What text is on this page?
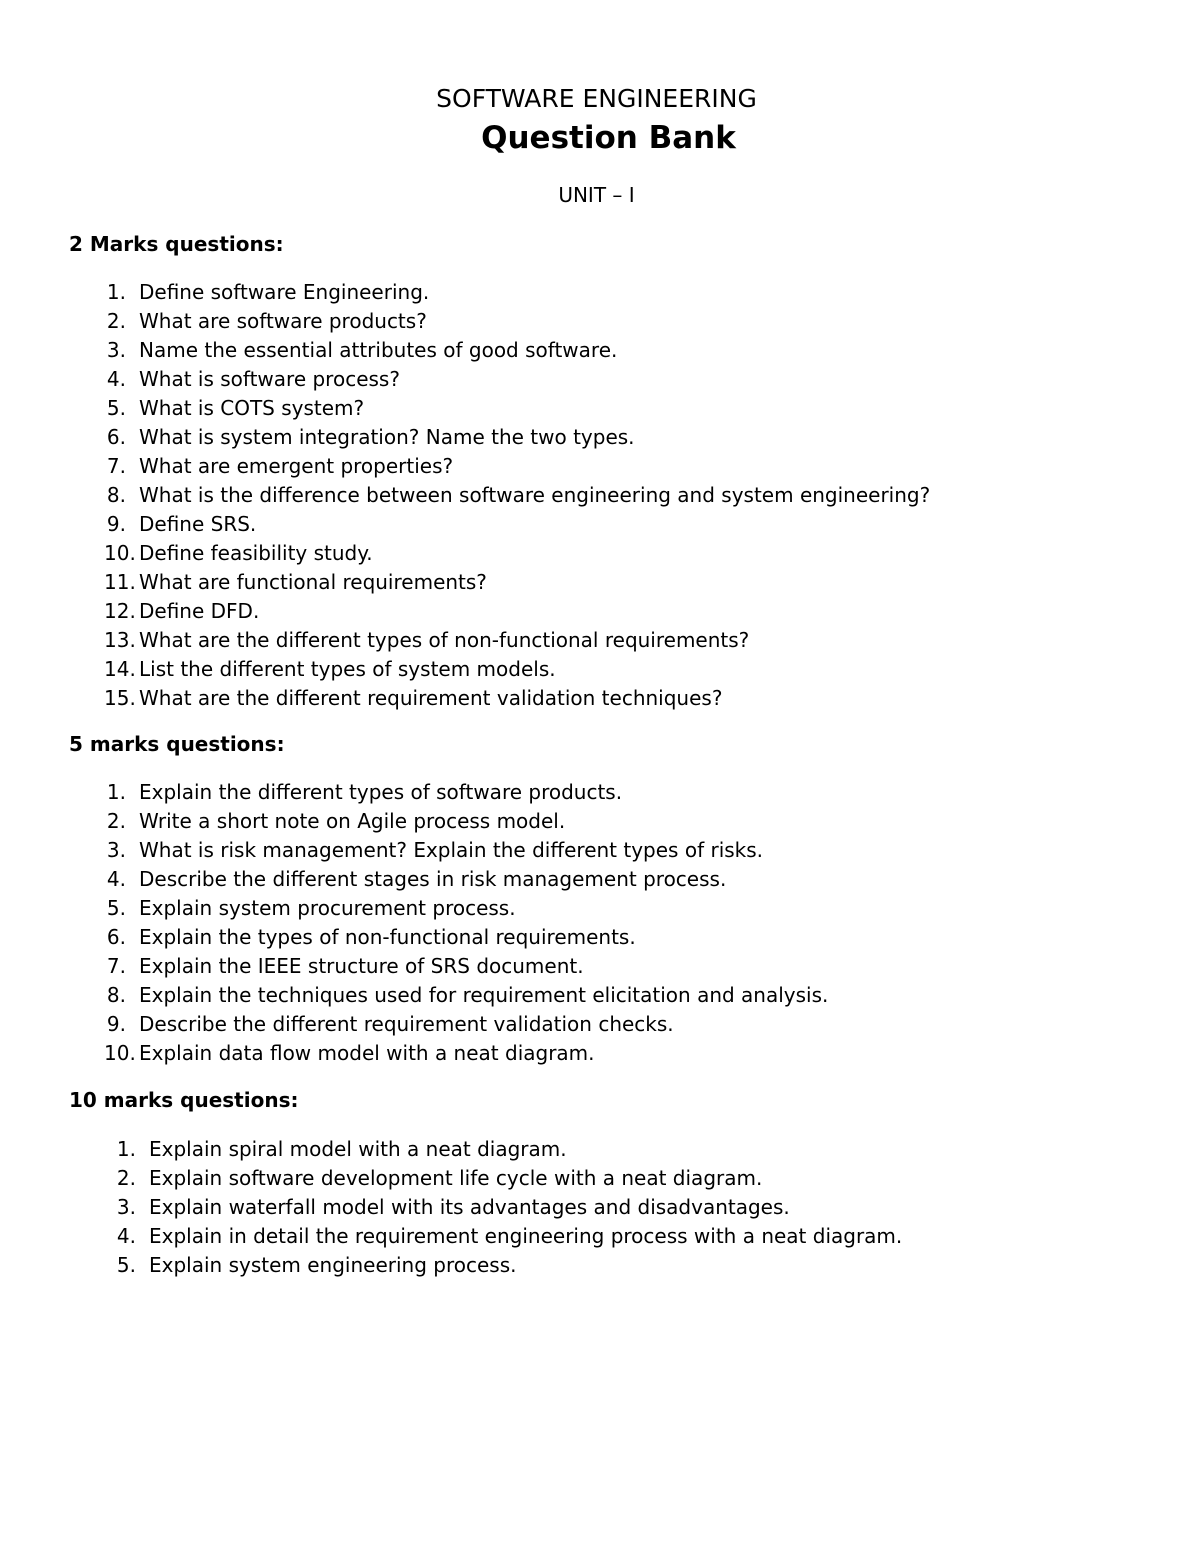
SOFTWARE ENGINEERING
Question Bank
UNIT – I
2 Marks questions:
1. Define software Engineering.
2. What are software products?
3. Name the essential attributes of good software.
4. What is software process?
5. What is COTS system?
6. What is system integration? Name the two types.
7. What are emergent properties?
8. What is the difference between software engineering and system engineering?
9. Define SRS.
10. Define feasibility study.
11. What are functional requirements?
12. Define DFD.
13. What are the different types of non-functional requirements?
14. List the different types of system models.
15. What are the different requirement validation techniques?
5 marks questions:
1. Explain the different types of software products.
2. Write a short note on Agile process model.
3. What is risk management? Explain the different types of risks.
4. Describe the different stages in risk management process.
5. Explain system procurement process.
6. Explain the types of non-functional requirements.
7. Explain the IEEE structure of SRS document.
8. Explain the techniques used for requirement elicitation and analysis.
9. Describe the different requirement validation checks.
10. Explain data flow model with a neat diagram.
10 marks questions:
1. Explain spiral model with a neat diagram.
2. Explain software development life cycle with a neat diagram.
3. Explain waterfall model with its advantages and disadvantages.
4. Explain in detail the requirement engineering process with a neat diagram.
5. Explain system engineering process.
